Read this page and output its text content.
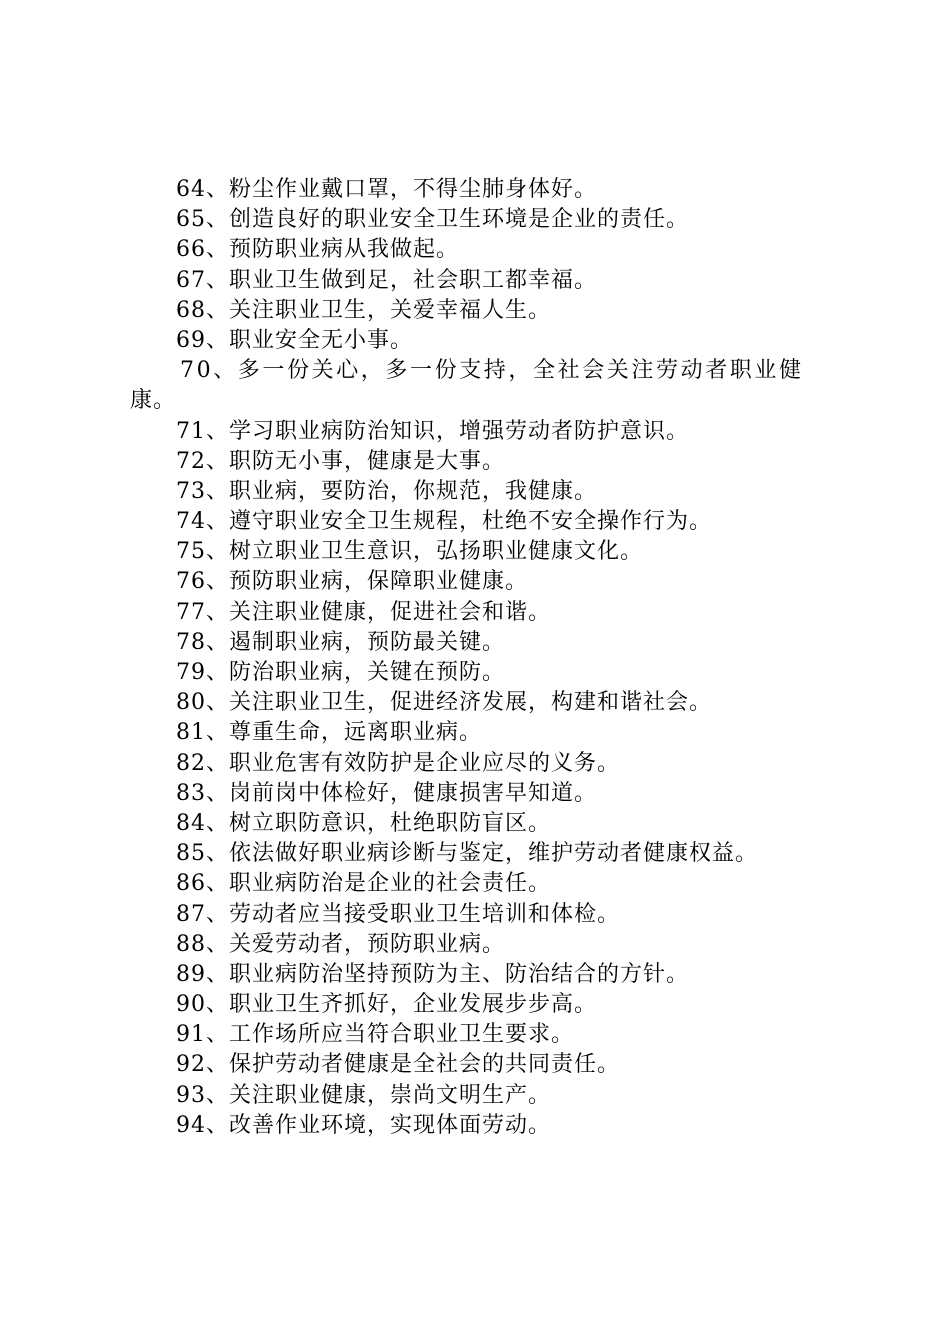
64、粉尘作业戴口罩，不得尘肺身体好。
65、创造良好的职业安全卫生环境是企业的责任。
66、预防职业病从我做起。
67、职业卫生做到足，社会职工都幸福。
68、关注职业卫生，关爱幸福人生。
69、职业安全无小事。
70、多一份关心，多一份支持，全社会关注劳动者职业健
康。
71、学习职业病防治知识，增强劳动者防护意识。
72、职防无小事，健康是大事。
73、职业病，要防治，你规范，我健康。
74、遵守职业安全卫生规程，杜绝不安全操作行为。
75、树立职业卫生意识，弘扬职业健康文化。
76、预防职业病，保障职业健康。
77、关注职业健康，促进社会和谐。
78、遏制职业病，预防最关键。
79、防治职业病，关键在预防。
80、关注职业卫生，促进经济发展，构建和谐社会。
81、尊重生命，远离职业病。
82、职业危害有效防护是企业应尽的义务。
83、岗前岗中体检好，健康损害早知道。
84、树立职防意识，杜绝职防盲区。
85、依法做好职业病诊断与鉴定，维护劳动者健康权益。
86、职业病防治是企业的社会责任。
87、劳动者应当接受职业卫生培训和体检。
88、关爱劳动者，预防职业病。
89、职业病防治坚持预防为主、防治结合的方针。
90、职业卫生齐抓好，企业发展步步高。
91、工作场所应当符合职业卫生要求。
92、保护劳动者健康是全社会的共同责任。
93、关注职业健康，崇尚文明生产。
94、改善作业环境，实现体面劳动。
